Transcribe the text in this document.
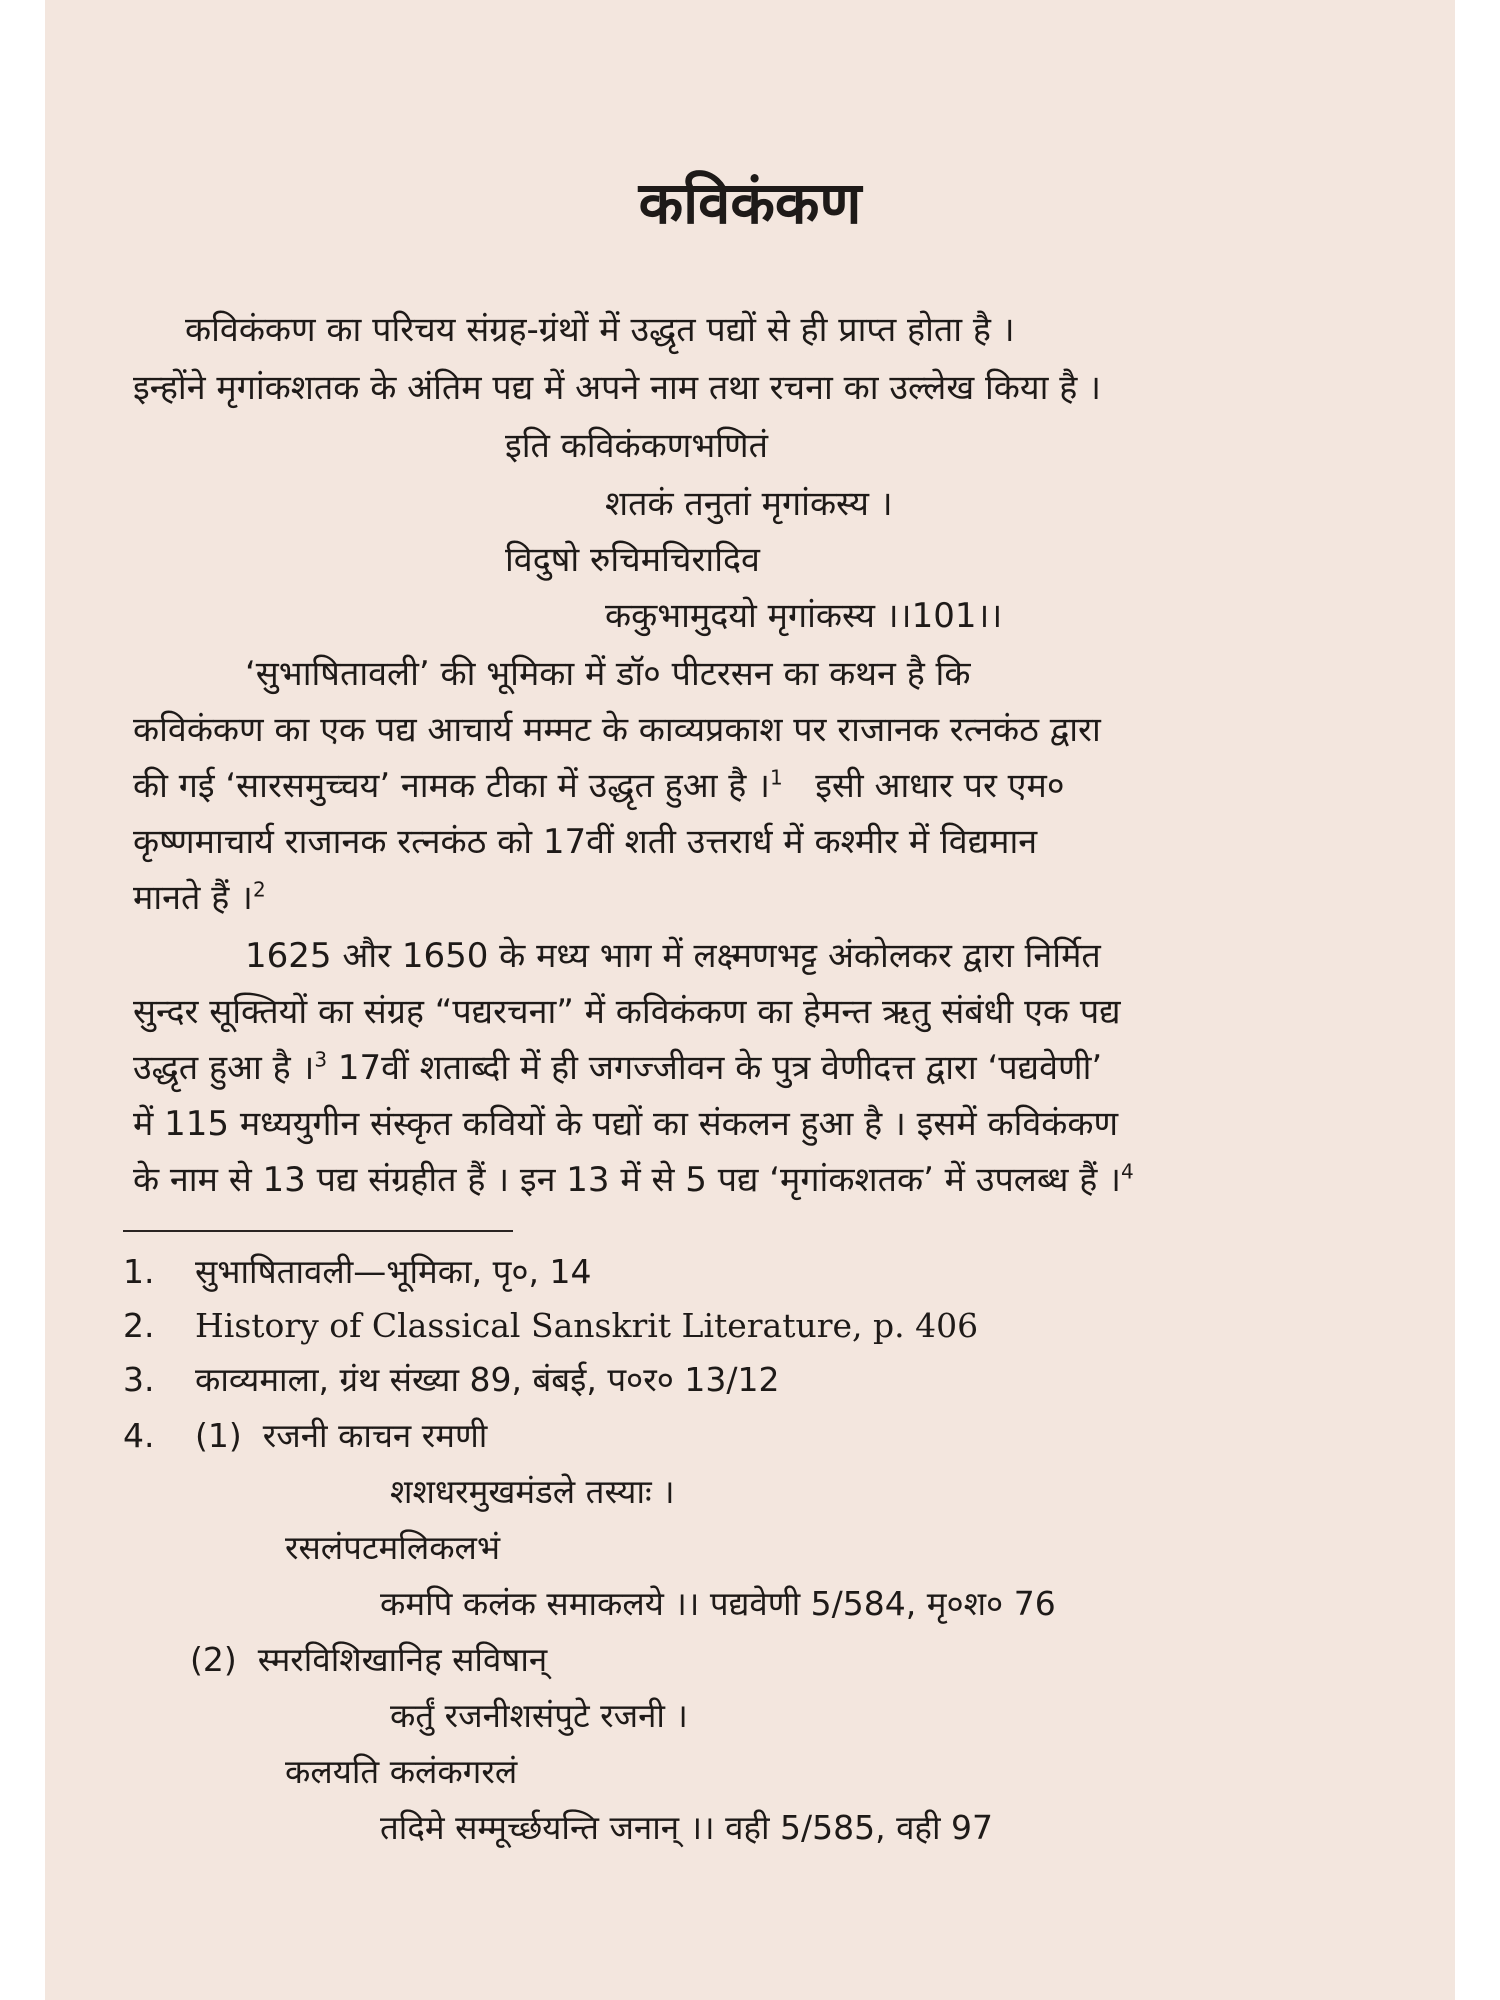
कविकंकण
कविकंकण का परिचय संग्रह-ग्रंथों में उद्धृत पद्यों से ही प्राप्त होता है ।
इन्होंने मृगांकशतक के अंतिम पद्य में अपने नाम तथा रचना का उल्लेख किया है ।
इति कविकंकणभणितं
शतकं तनुतां मृगांकस्य ।
विदुषो रुचिमचिरादिव
ककुभामुदयो मृगांकस्य ।।101।।
‘सुभाषितावली’ की भूमिका में डॉ० पीटरसन का कथन है कि
कविकंकण का एक पद्य आचार्य मम्मट के काव्यप्रकाश पर राजानक रत्नकंठ द्वारा
की गई ‘सारसमुच्चय’ नामक टीका में उद्धृत हुआ है ।$^1$ इसी आधार पर एम०
कृष्णमाचार्य राजानक रत्नकंठ को 17वीं शती उत्तरार्ध में कश्मीर में विद्यमान
मानते हैं ।$^2$
1625 और 1650 के मध्य भाग में लक्ष्मणभट्ट अंकोलकर द्वारा निर्मित
सुन्दर सूक्तियों का संग्रह “पद्यरचना” में कविकंकण का हेमन्त ऋतु संबंधी एक पद्य
उद्धृत हुआ है ।$^3$ 17वीं शताब्दी में ही जगज्जीवन के पुत्र वेणीदत्त द्वारा ‘पद्यवेणी’
में 115 मध्ययुगीन संस्कृत कवियों के पद्यों का संकलन हुआ है । इसमें कविकंकण
के नाम से 13 पद्य संग्रहीत हैं । इन 13 में से 5 पद्य ‘मृगांकशतक’ में उपलब्ध हैं ।$^4$
1. सुभाषितावली—भूमिका, पृ०, 14
2. History of Classical Sanskrit Literature, p. 406
3. काव्यमाला, ग्रंथ संख्या 89, बंबई, प०र० 13/12
4. (1) रजनी काचन रमणी
शशधरमुखमंडले तस्याः ।
रसलंपटमलिकलभं
कमपि कलंक समाकलये ।। पद्यवेणी 5/584, मृ०श० 76
(2) स्मरविशिखानिह सविषान्
कर्तुं रजनीशसंपुटे रजनी ।
कलयति कलंकगरलं
तदिमे सम्मूर्च्छयन्ति जनान् ।। वही 5/585, वही 97
